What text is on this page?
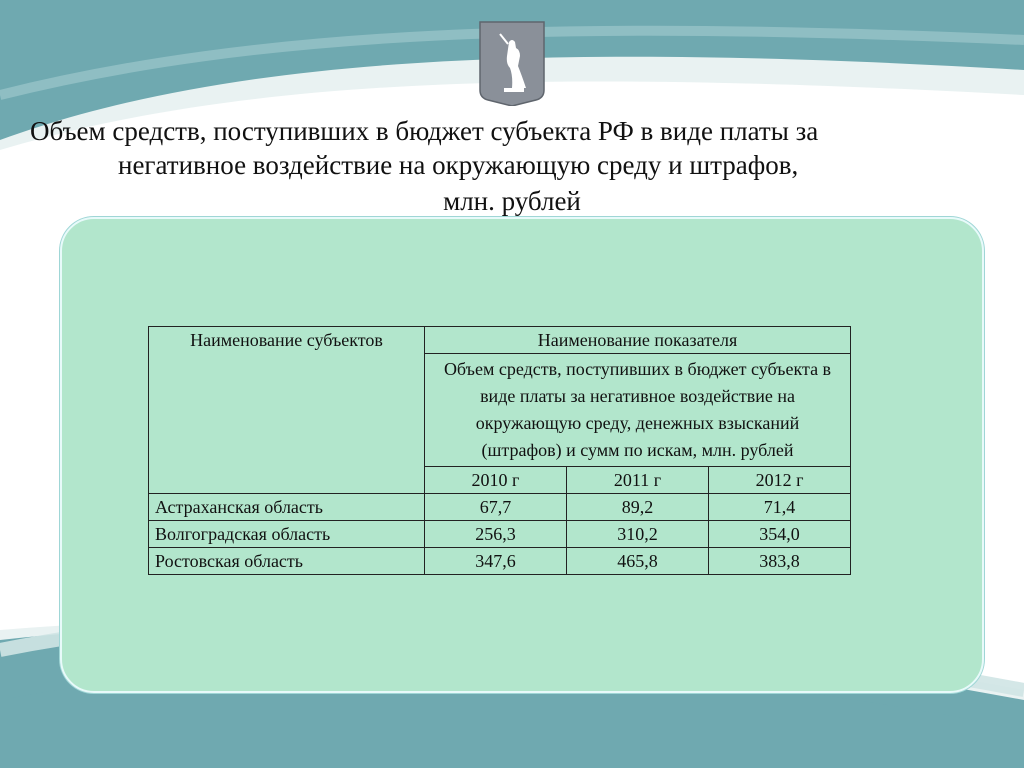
Объем средств, поступивших в бюджет субъекта РФ в виде платы за
негативное воздействие на окружающую среду и штрафов,

млн. рублей
Наименование субъектов	Наименование показателя		
	Объем средств, поступивших в бюджет субъекта в виде платы за негативное воздействие на окружающую среду, денежных взысканий (штрафов) и сумм по искам, млн. рублей		
	2010 г	2011 г	2012 г
Астраханская область	67,7	89,2	71,4
Волгоградская область	256,3	310,2	354,0
Ростовская область	347,6	465,8	383,8
